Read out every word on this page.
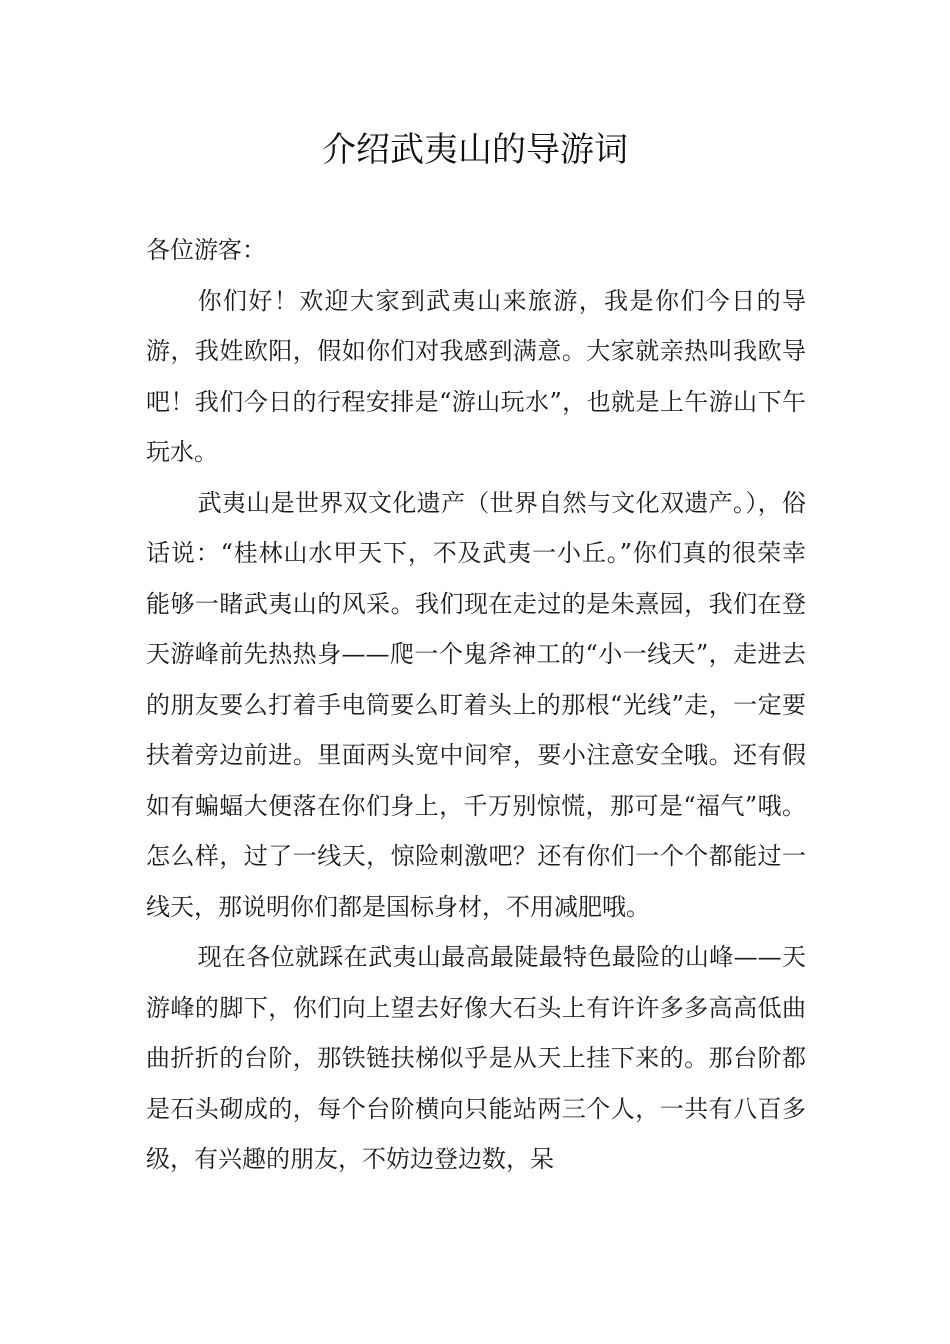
介绍武夷山的导游词

各位游客：

你们好！欢迎大家到武夷山来旅游，我是你们今日的导游，我姓欧阳，假如你们对我感到满意。大家就亲热叫我欧导吧！我们今日的行程安排是“游山玩水”，也就是上午游山下午玩水。

武夷山是世界双文化遗产（世界自然与文化双遗产。），俗话说：“桂林山水甲天下，不及武夷一小丘。”你们真的很荣幸能够一睹武夷山的风采。我们现在走过的是朱熹园，我们在登天游峰前先热热身——爬一个鬼斧神工的“小一线天”，走进去的朋友要么打着手电筒要么盯着头上的那根“光线”走，一定要扶着旁边前进。里面两头宽中间窄，要小注意安全哦。还有假如有蝙蝠大便落在你们身上，千万别惊慌，那可是“福气”哦。怎么样，过了一线天，惊险刺激吧？还有你们一个个都能过一线天，那说明你们都是国标身材，不用减肥哦。

现在各位就踩在武夷山最高最陡最特色最险的山峰——天游峰的脚下，你们向上望去好像大石头上有许许多多高高低曲曲折折的台阶，那铁链扶梯似乎是从天上挂下来的。那台阶都是石头砌成的，每个台阶横向只能站两三个人，一共有八百多级，有兴趣的朋友，不妨边登边数，呆
